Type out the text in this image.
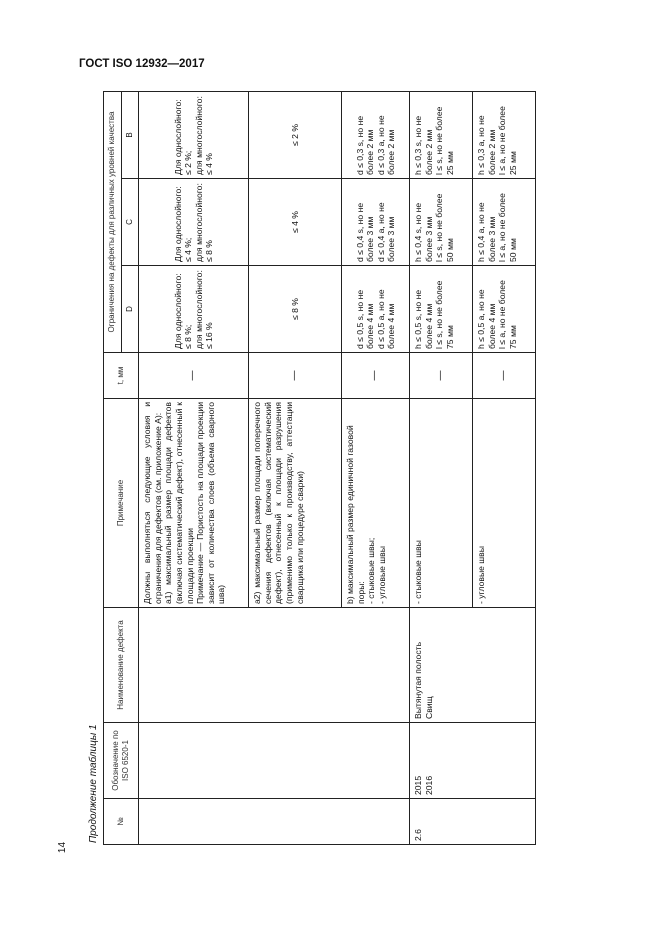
ГОСТ ISO 12932—2017
14
Продолжение таблицы 1 №	Обозначение по ISO 6520-1	Наименование дефекта	Примечание	t, мм	Ограничения на дефекты для различных уровней качества		
					D	C	B

			Должны выполняться следующие условия и ограничения для дефектов (см. приложение А): а1) максимальный размер площади дефектов (включая систематический дефект), отнесенный к площади проекции Примечание — Пористость на площади проекции зависит от количества слоев (объема сварного шва)	—	Для однослойного: ≤ 8 %; для многослойного: ≤ 16 %	Для однослойного: ≤ 4 %; для многослойного: ≤ 8 %	Для однослойного: ≤ 2 %; для многослойного: ≤ 4 %

			а2) максимальный размер площади поперечного сечения дефектов (включая систематический дефект), отнесенный к площади разрушения (применимо только к производству, аттестации сварщика или процедуре сварки)	—	≤ 8 %	≤ 4 %	≤ 2 %

			b) максимальный размер единичной газовой поры: - стыковые швы; - угловые швы	—	d ≤ 0,5 s, но не более 4 мм d ≤ 0,5 a, но не более 4 мм	d ≤ 0,4 s, но не более 3 мм d ≤ 0,4 a, но не более 3 мм	d ≤ 0,3 s, но не более 2 мм d ≤ 0,3 a, но не более 2 мм

2.6	2015 2016	Вытянутая полость Свищ	- стыковые швы	—	h ≤ 0,5 s, но не более 4 мм l ≤ s, но не более 75 мм	h ≤ 0,4 s, но не более 3 мм l ≤ s, но не более 50 мм	h ≤ 0,3 s, но не более 2 мм l ≤ s, но не более 25 мм

			- угловые швы	—	h ≤ 0,5 a, но не более 4 мм l ≤ a, но не более 75 мм	h ≤ 0,4 a, но не более 3 мм l ≤ a, но не более 50 мм	h ≤ 0,3 a, но не более 2 мм l ≤ a, но не более 25 мм
